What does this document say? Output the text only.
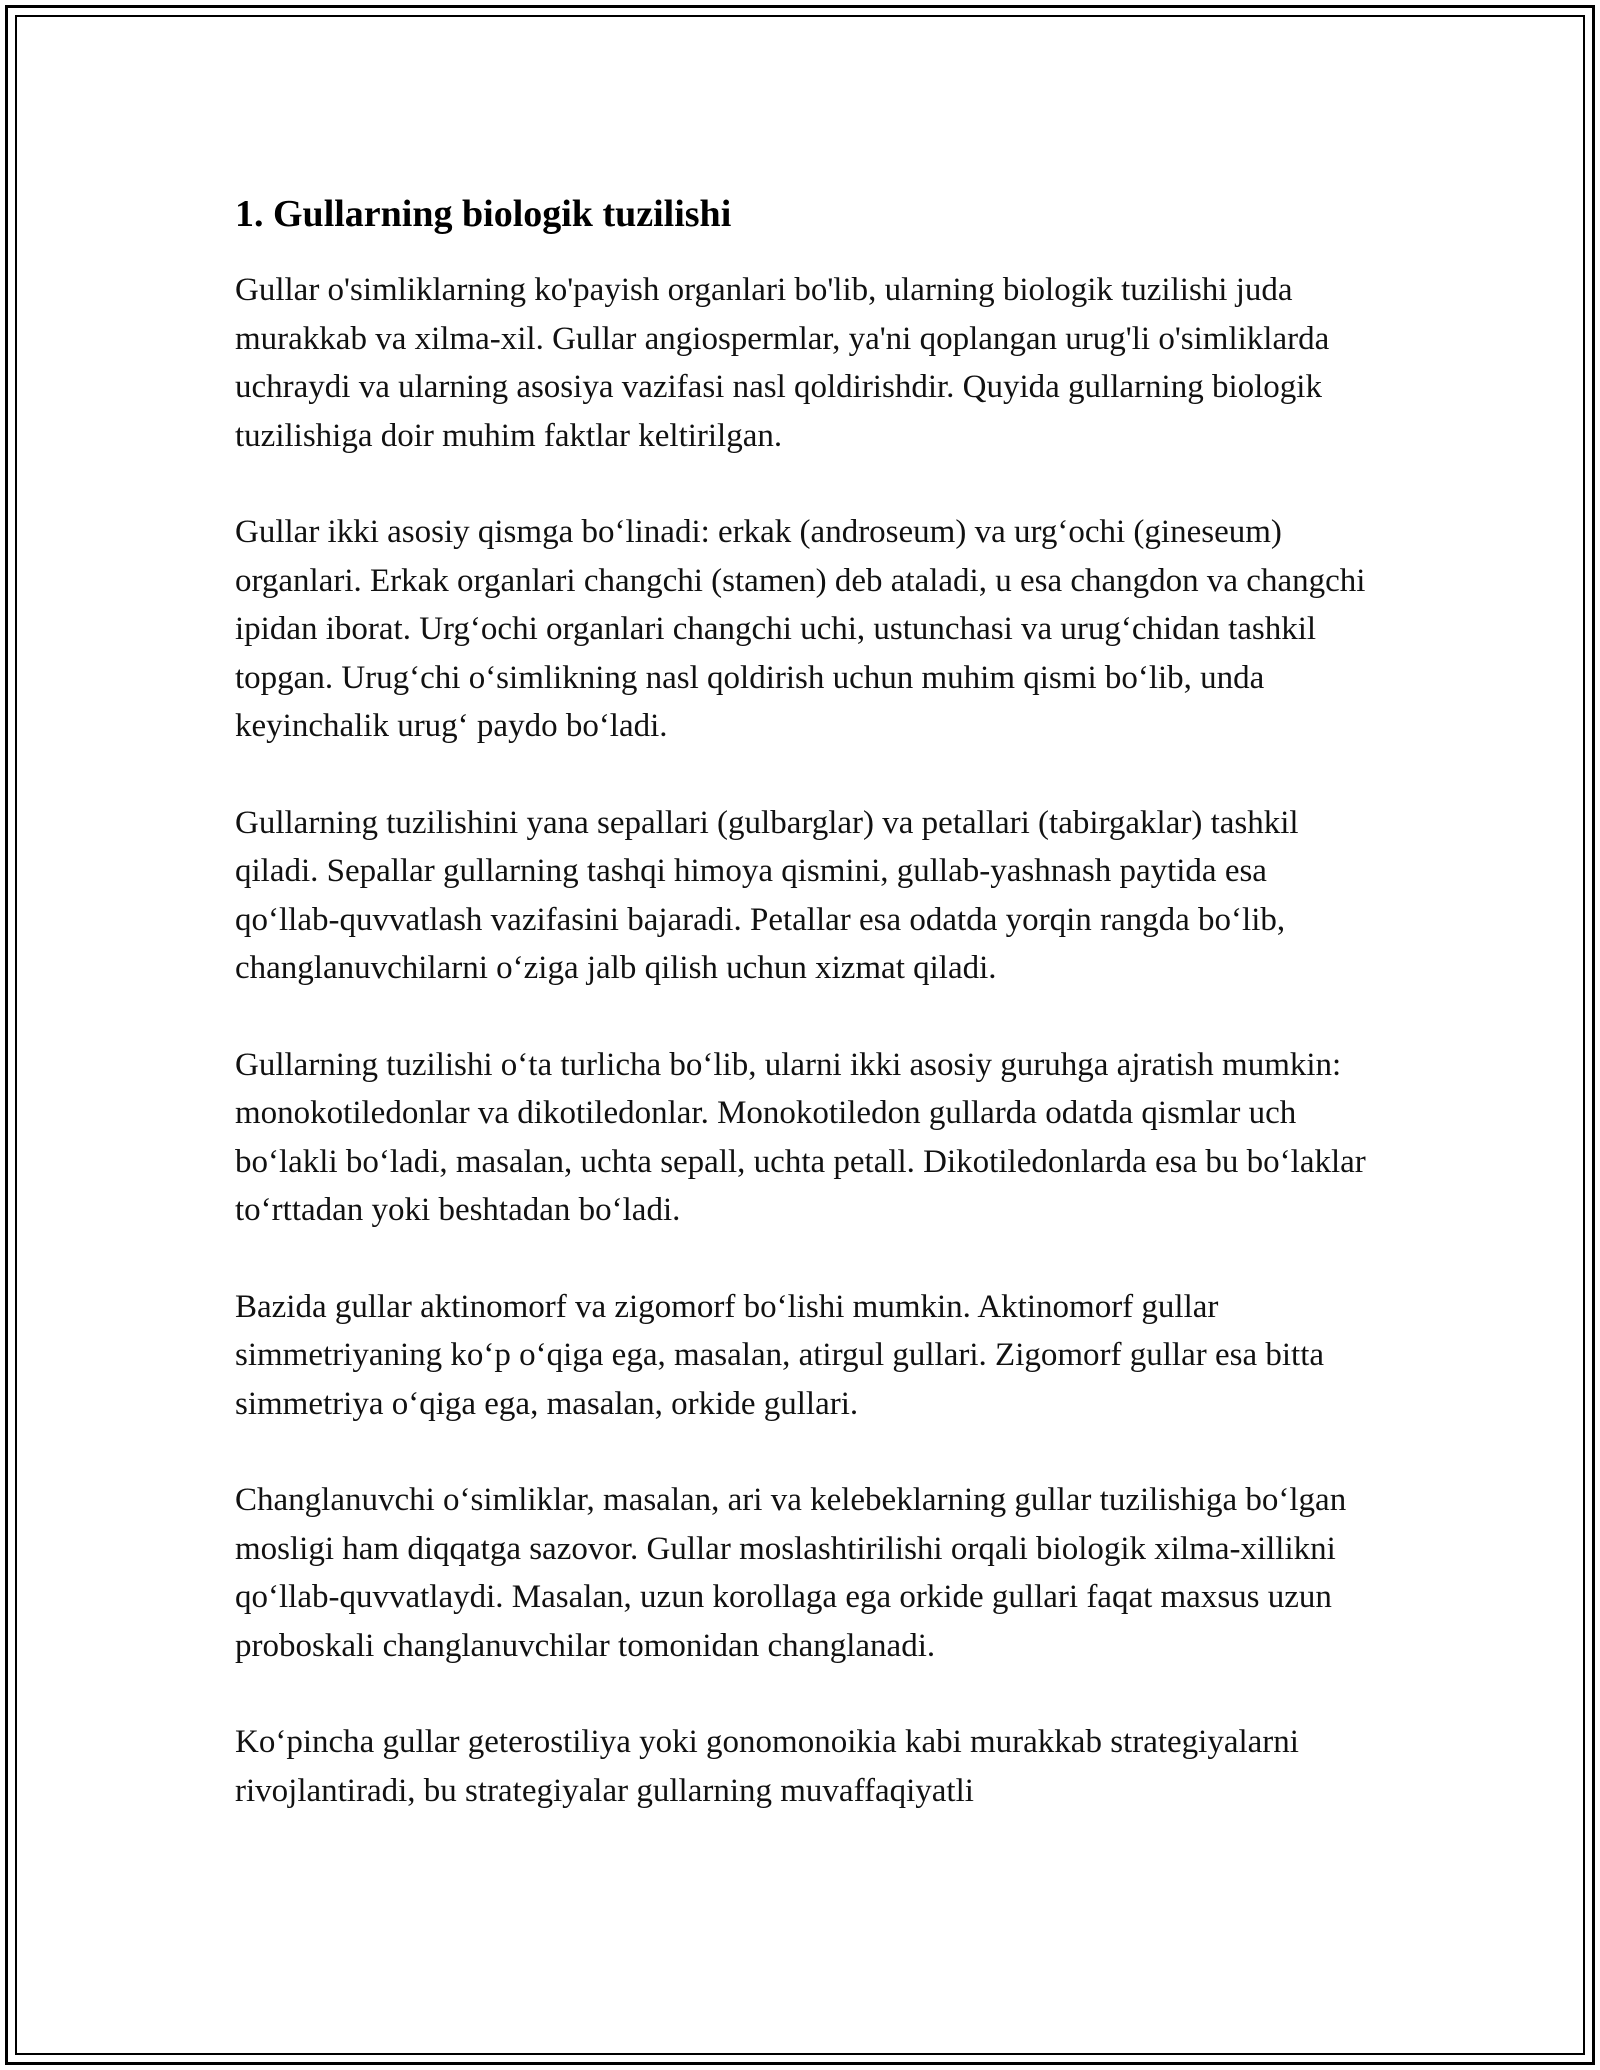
1. Gullarning biologik tuzilishi

Gullar o'simliklarning ko'payish organlari bo'lib, ularning biologik tuzilishi juda murakkab va xilma-xil. Gullar angiospermlar, ya'ni qoplangan urug'li o'simliklarda uchraydi va ularning asosiya vazifasi nasl qoldirishdir. Quyida gullarning biologik tuzilishiga doir muhim faktlar keltirilgan.

Gullar ikki asosiy qismga bo‘linadi: erkak (androseum) va urg‘ochi (gineseum) organlari. Erkak organlari changchi (stamen) deb ataladi, u esa changdon va changchi ipidan iborat. Urg‘ochi organlari changchi uchi, ustunchasi va urug‘chidan tashkil topgan. Urug‘chi o‘simlikning nasl qoldirish uchun muhim qismi bo‘lib, unda keyinchalik urug‘ paydo bo‘ladi.

Gullarning tuzilishini yana sepallari (gulbarglar) va petallari (tabirgaklar) tashkil qiladi. Sepallar gullarning tashqi himoya qismini, gullab-yashnash paytida esa qo‘llab-quvvatlash vazifasini bajaradi. Petallar esa odatda yorqin rangda bo‘lib, changlanuvchilarni o‘ziga jalb qilish uchun xizmat qiladi.

Gullarning tuzilishi o‘ta turlicha bo‘lib, ularni ikki asosiy guruhga ajratish mumkin: monokotiledonlar va dikotiledonlar. Monokotiledon gullarda odatda qismlar uch bo‘lakli bo‘ladi, masalan, uchta sepall, uchta petall. Dikotiledonlarda esa bu bo‘laklar to‘rttadan yoki beshtadan bo‘ladi.

Bazida gullar aktinomorf va zigomorf bo‘lishi mumkin. Aktinomorf gullar simmetriyaning ko‘p o‘qiga ega, masalan, atirgul gullari. Zigomorf gullar esa bitta simmetriya o‘qiga ega, masalan, orkide gullari.

Changlanuvchi o‘simliklar, masalan, ari va kelebeklarning gullar tuzilishiga bo‘lgan mosligi ham diqqatga sazovor. Gullar moslashtirilishi orqali biologik xilma-xillikni qo‘llab-quvvatlaydi. Masalan, uzun korollaga ega orkide gullari faqat maxsus uzun proboskali changlanuvchilar tomonidan changlanadi.

Ko‘pincha gullar geterostiliya yoki gonomonoikia kabi murakkab strategiyalarni rivojlantiradi, bu strategiyalar gullarning muvaffaqiyatli
